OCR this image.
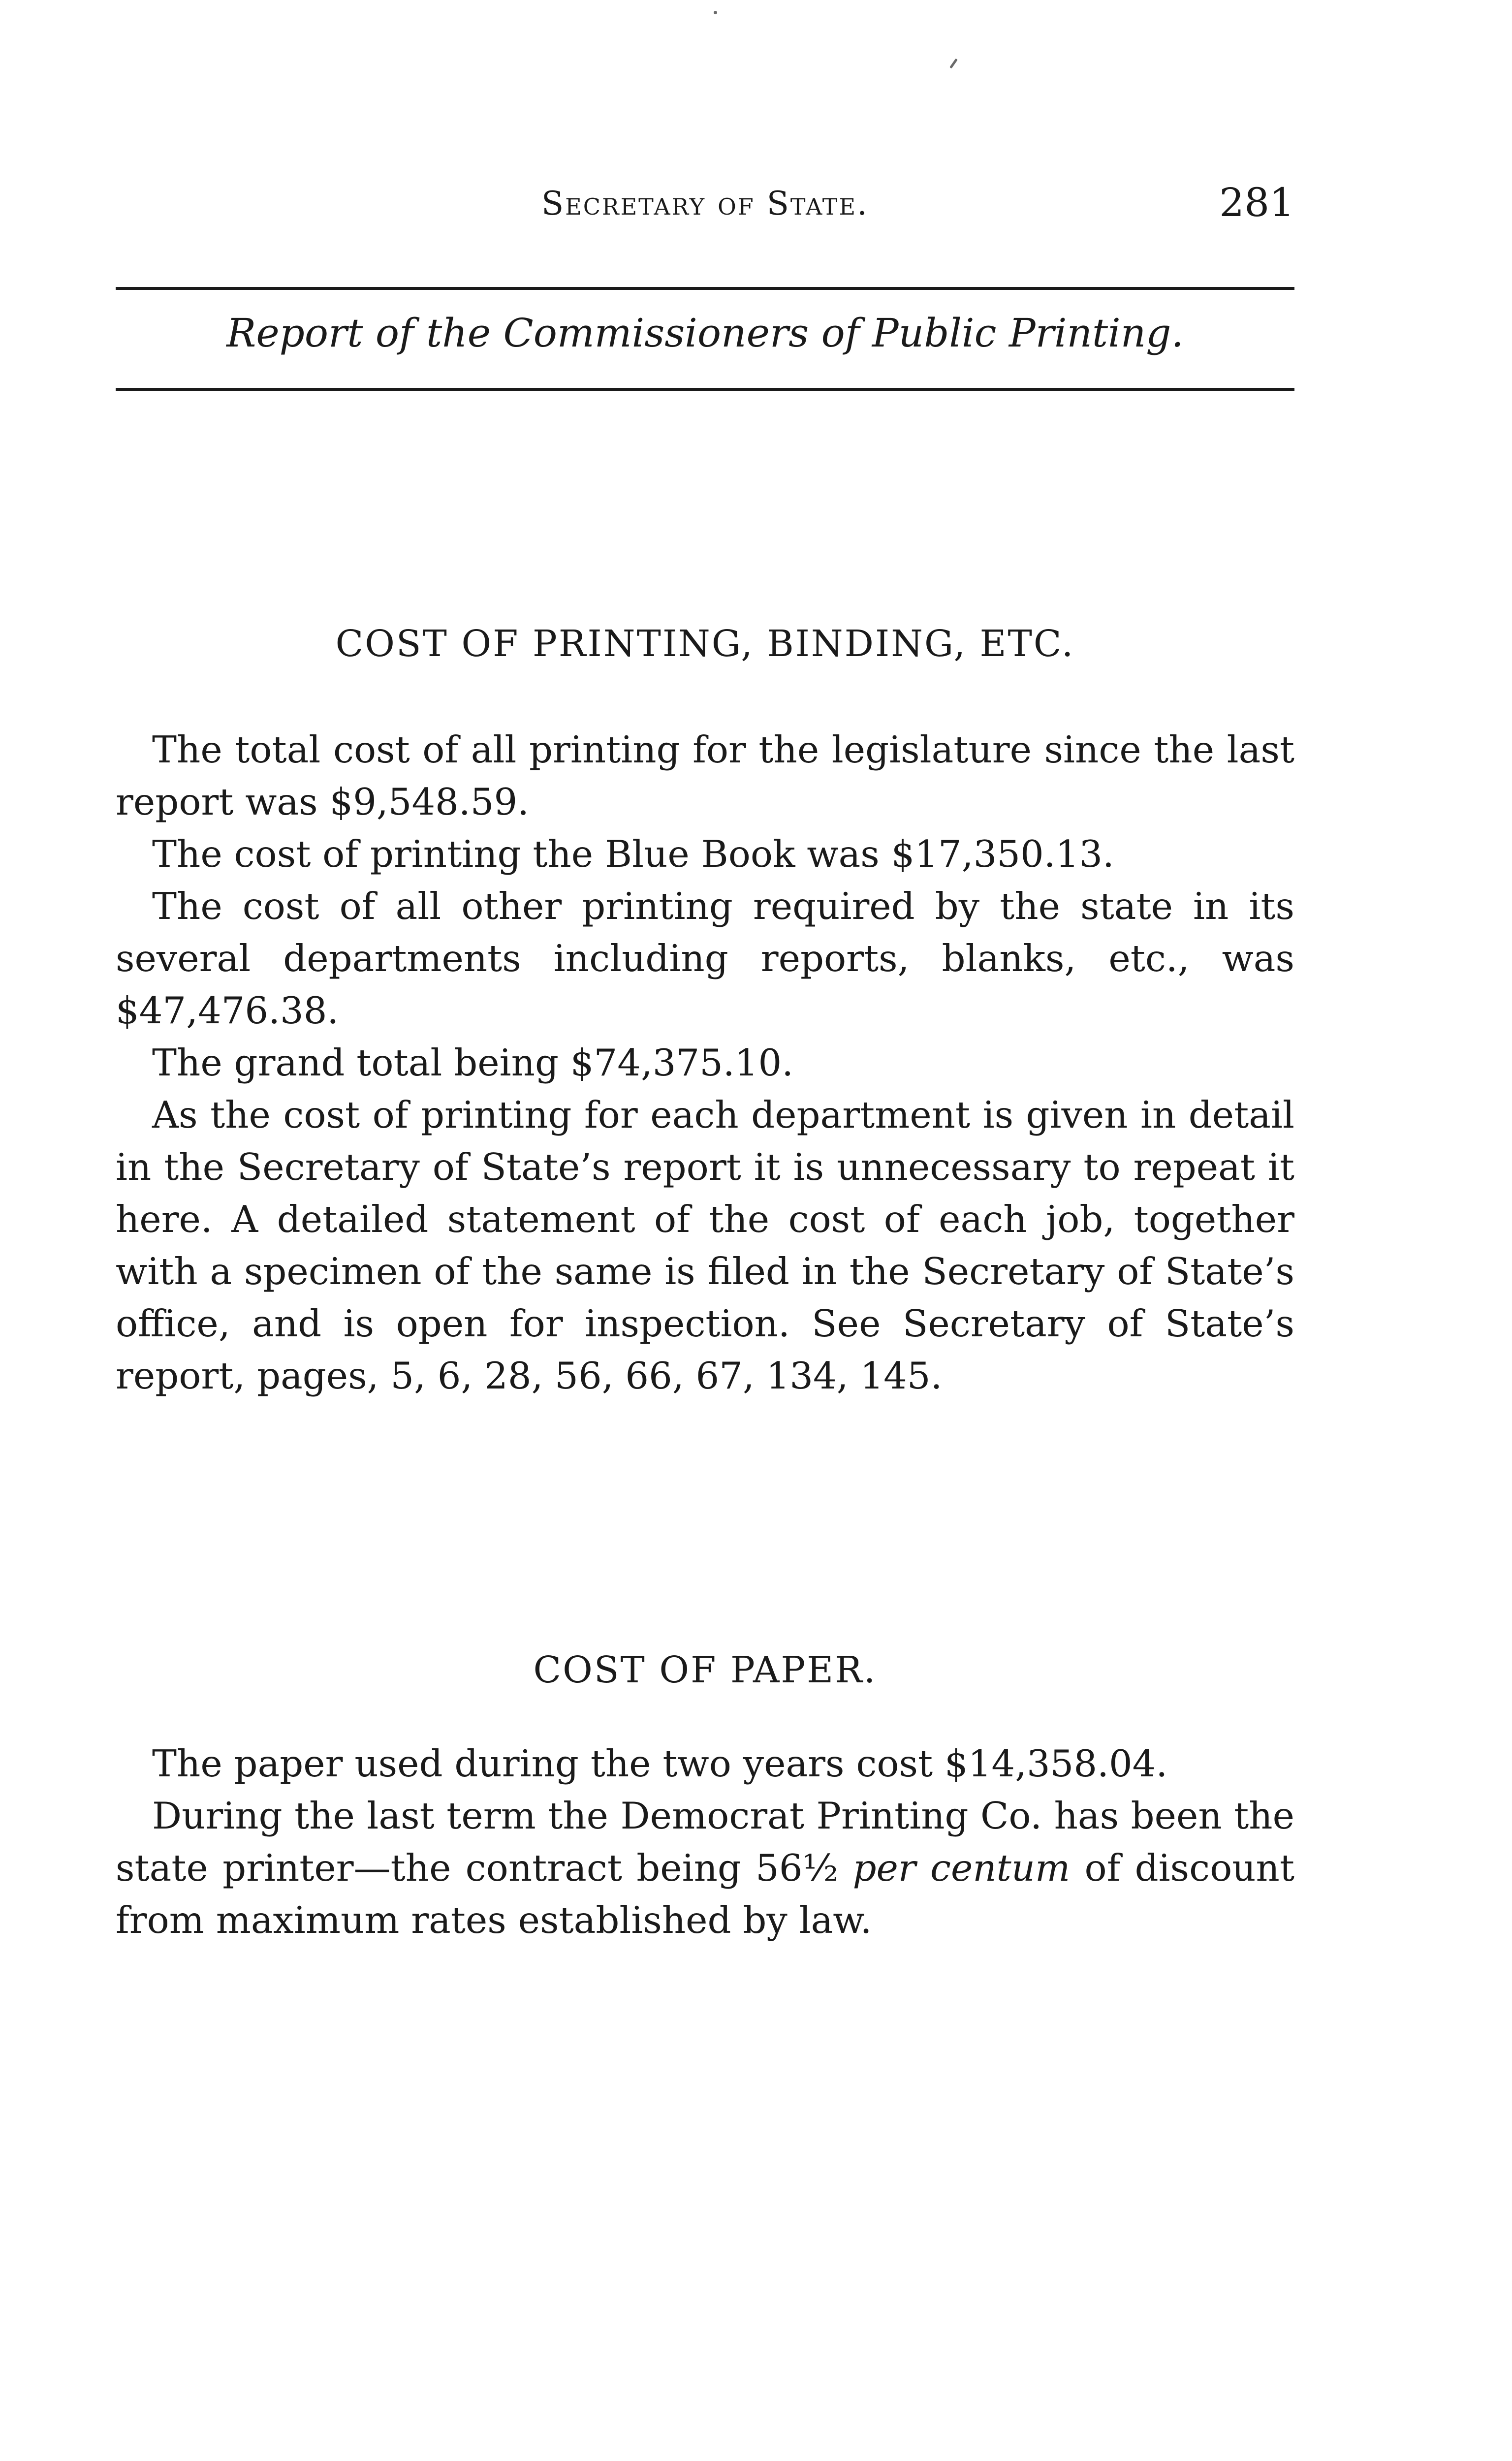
Secretary of State.	281
Report of the Commissioners of Public Printing.
COST OF PRINTING, BINDING, ETC.

The total cost of all printing for the legislature since the last report was $9,548.59.

The cost of printing the Blue Book was $17,350.13.

The cost of all other printing required by the state in its several departments including reports, blanks, etc., was $47,476.38.

The grand total being $74,375.10.

As the cost of printing for each department is given in detail in the Secretary of State’s report it is unnecessary to repeat it here. A detailed statement of the cost of each job, together with a specimen of the same is filed in the Secretary of State’s office, and is open for inspection. See Secretary of State’s report, pages, 5, 6, 28, 56, 66, 67, 134, 145.

COST OF PAPER.

The paper used during the two years cost $14,358.04.

During the last term the Democrat Printing Co. has been the state printer—the contract being 56½ per centum of discount from maximum rates established by law.
